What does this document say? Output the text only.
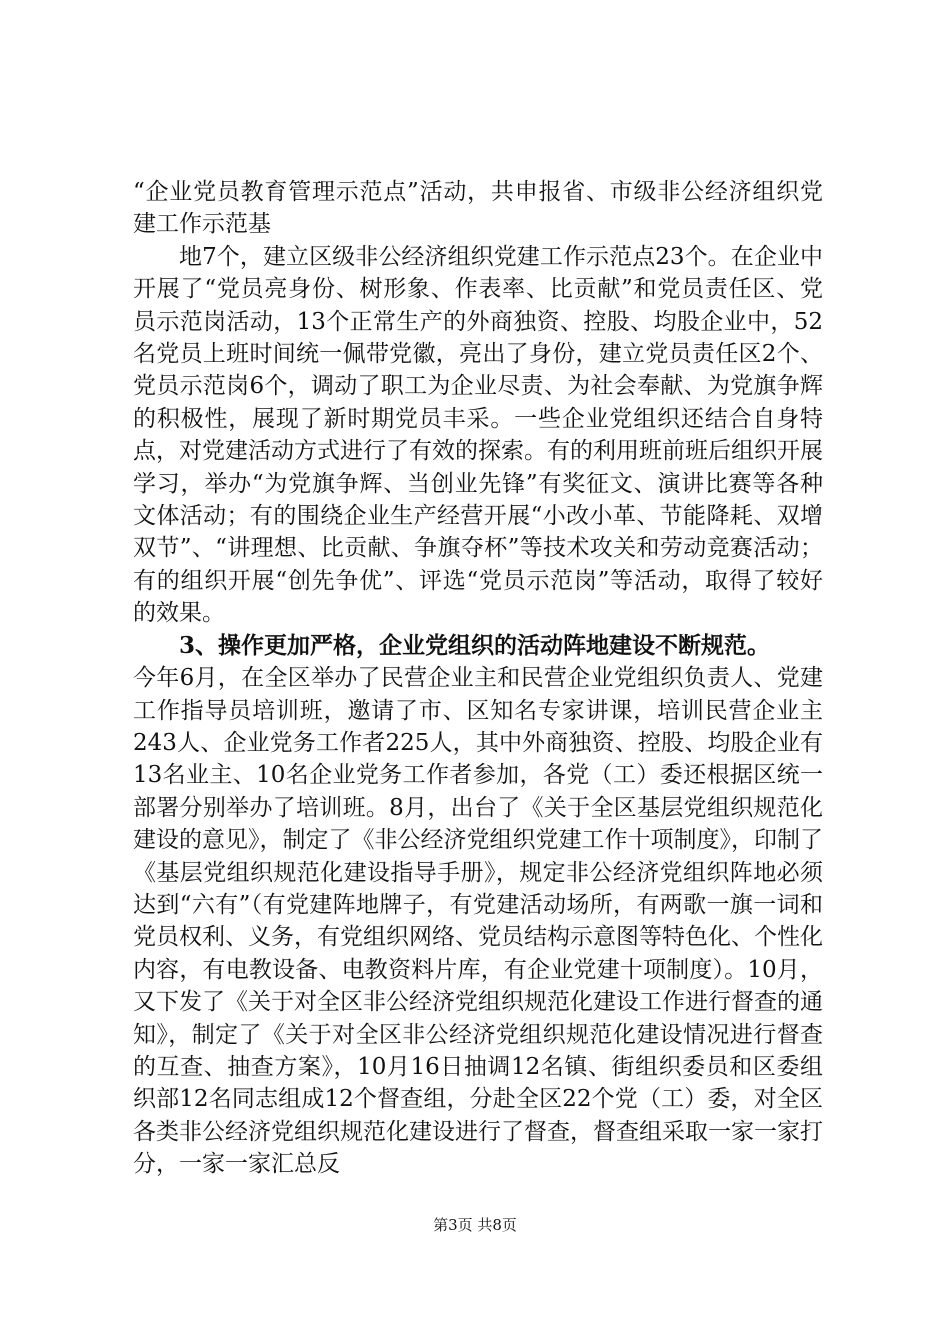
“企业党员教育管理示范点”活动，共申报省、市级非公经济组织党建工作示范基

地7个，建立区级非公经济组织党建工作示范点23个。在企业中开展了“党员亮身份、树形象、作表率、比贡献”和党员责任区、党员示范岗活动，13个正常生产的外商独资、控股、均股企业中，52名党员上班时间统一佩带党徽，亮出了身份，建立党员责任区2个、党员示范岗6个，调动了职工为企业尽责、为社会奉献、为党旗争辉的积极性，展现了新时期党员丰采。一些企业党组织还结合自身特点，对党建活动方式进行了有效的探索。有的利用班前班后组织开展学习，举办“为党旗争辉、当创业先锋”有奖征文、演讲比赛等各种文体活动；有的围绕企业生产经营开展“小改小革、节能降耗、双增双节”、“讲理想、比贡献、争旗夺杯”等技术攻关和劳动竞赛活动；有的组织开展“创先争优”、评选“党员示范岗”等活动，取得了较好的效果。

3、操作更加严格，企业党组织的活动阵地建设不断规范。

今年6月，在全区举办了民营企业主和民营企业党组织负责人、党建工作指导员培训班，邀请了市、区知名专家讲课，培训民营企业主243人、企业党务工作者225人，其中外商独资、控股、均股企业有13名业主、10名企业党务工作者参加，各党（工）委还根据区统一部署分别举办了培训班。8月，出台了《关于全区基层党组织规范化建设的意见》，制定了《非公经济党组织党建工作十项制度》，印制了《基层党组织规范化建设指导手册》，规定非公经济党组织阵地必须达到“六有”（有党建阵地牌子，有党建活动场所，有两歌一旗一词和党员权利、义务，有党组织网络、党员结构示意图等特色化、个性化内容，有电教设备、电教资料片库，有企业党建十项制度）。10月，又下发了《关于对全区非公经济党组织规范化建设工作进行督查的通知》，制定了《关于对全区非公经济党组织规范化建设情况进行督查的互查、抽查方案》，10月16日抽调12名镇、街组织委员和区委组织部12名同志组成12个督查组，分赴全区22个党（工）委，对全区各类非公经济党组织规范化建设进行了督查，督查组采取一家一家打分，一家一家汇总反

第3页 共8页
